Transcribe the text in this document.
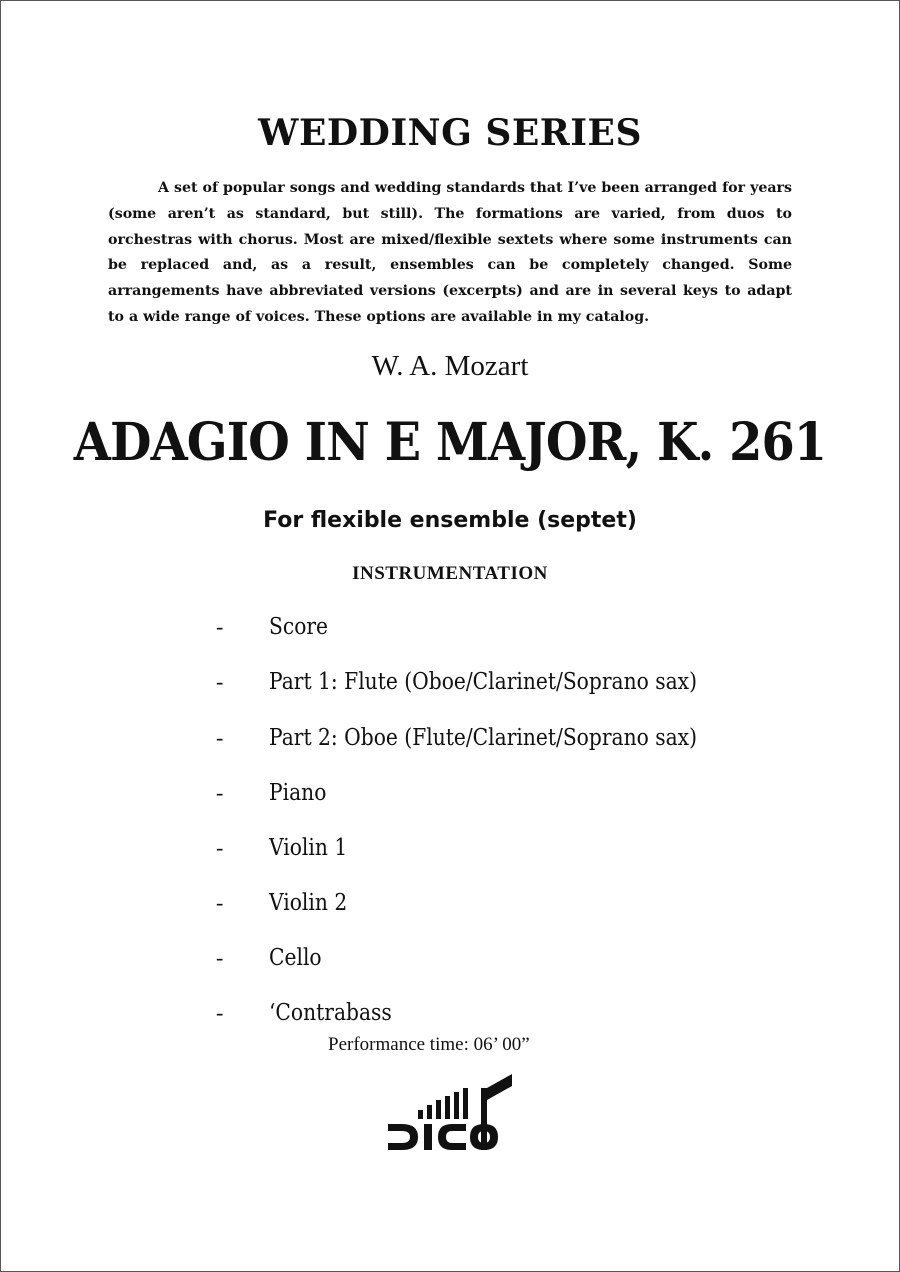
WEDDING SERIES

A set of popular songs and wedding standards that I’ve been arranged for years (some aren’t as standard, but still). The formations are varied, from duos to orchestras with chorus. Most are mixed/flexible sextets where some instruments can be replaced and, as a result, ensembles can be completely changed. Some arrangements have abbreviated versions (excerpts) and are in several keys to adapt to a wide range of voices. These options are available in my catalog.

W. A. Mozart
ADAGIO IN E MAJOR, K. 261
For flexible ensemble (septet)
INSTRUMENTATION
- Score
- Part 1: Flute (Oboe/Clarinet/Soprano sax)
- Part 2: Oboe (Flute/Clarinet/Soprano sax)
- Piano
- Violin 1
- Violin 2
- Cello
- ‘Contrabass
Performance time: 06’ 00”
